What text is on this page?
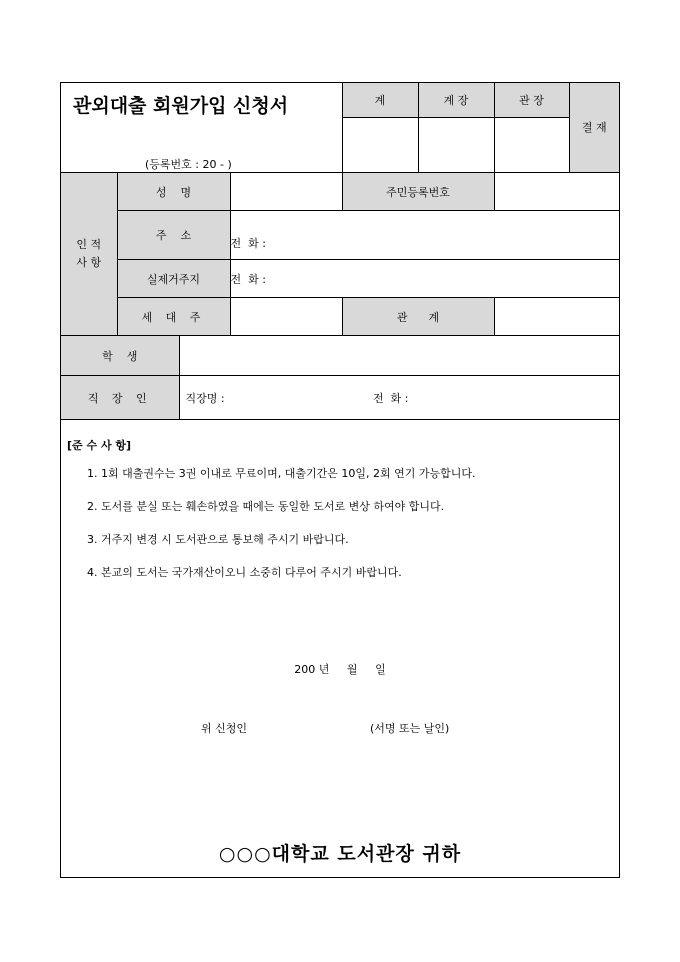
관외대출 회원가입 신청서
(등록번호 : 20 - )				계	계 장	관 장	결 재

인 적 사 항	성    명			주민등록번호			
	주    소		전  화 :				
	실제거주지		전  화 :				
	세 대 주			관      계			
학    생							
직 장 인		직장명 : 전  화 :					
[준 수 사 항]
1. 1회 대출권수는 3권 이내로 무료이며, 대출기간은 10일, 2회 연기 가능합니다.
2. 도서를 분실 또는 훼손하였을 때에는 동일한 도서로 변상 하여야 합니다.
3. 거주지 변경 시 도서관으로 통보해 주시기 바랍니다.
4. 본교의 도서는 국가재산이오니 소중히 다루어 주시기 바랍니다.
200 년 월 일
위 신청인	(서명 또는 날인)
○○○대학교 도서관장 귀하
